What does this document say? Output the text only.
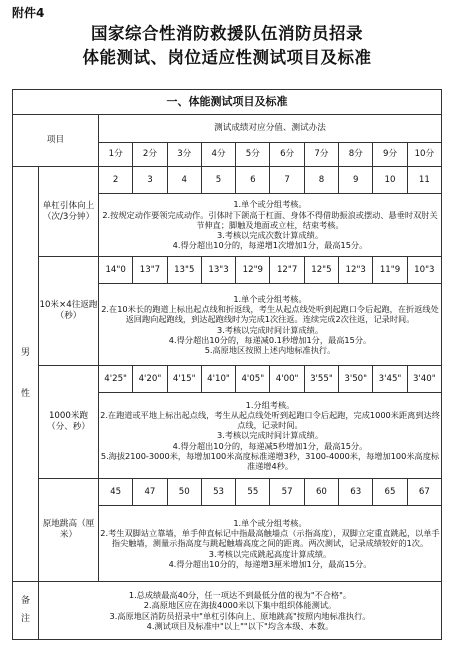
附件4
国家综合性消防救援队伍消防员招录
体能测试、岗位适应性测试项目及标准
一、体能测试项目及标准											
项目		测试成绩对应分值、测试办法									
		1分	2分	3分	4分	5分	6分	7分	8分	9分	10分

男
性	单杠引体向上（次/3分钟）	2	3	4	5	6	7	8	9	10	11

		1.单个或分组考核。
2.按规定动作要领完成动作。引体时下颌高于杠面、身体不得借助振浪或摆动、悬垂时双肘关节伸直；脚触及地面或立柱，结束考核。
3.考核以完成次数计算成绩。
4.得分超出10分的，每递增1次增加1分，最高15分。									

	10米×4往返跑（秒）	14"0	13"7	13"5	13"3	12"9	12"7	12"5	12"3	11"9	10"3

		1.单个或分组考核。
2.在10米长的跑道上标出起点线和折返线，考生从起点线处听到起跑口令后起跑，在折返线处返回跑向起跑线，到达起跑线时为完成1次往返。连续完成2次往返，记录时间。
3.考核以完成时间计算成绩。
4.得分超出10分的，每递减0.1秒增加1分，最高15分。
5.高原地区按照上述内地标准执行。									

	1000米跑（分、秒）	4'25"	4'20"	4'15"	4'10"	4'05"	4'00"	3'55"	3'50"	3'45"	3'40"

		1.分组考核。
2.在跑道或平地上标出起点线，考生从起点线处听到起跑口令后起跑，完成1000米距离到达终点线，记录时间。
3.考核以完成时间计算成绩。
4.得分超出10分的，每递减5秒增加1分，最高15分。
5.海拔2100-3000米，每增加100米高度标准递增3秒，3100-4000米，每增加100米高度标准递增4秒。									

	原地跳高（厘米）	45	47	50	53	55	57	60	63	65	67

		1.单个或分组考核。
2.考生双脚站立靠墙，单手伸直标记中指最高触墙点（示指高度），双脚立定重直跳起，以单手指尖触墙，测量示指高度与跳起触墙高度之间的距离。两次测试，记录成绩较好的1次。
3.考核以完成跳起高度计算成绩。
4.得分超出10分的，每递增3厘米增加1分，最高15分。									

备
注	1.总成绩最高40分，任一项达不到最低分值的视为"不合格"。
2.高原地区应在海拔4000米以下集中组织体能测试。
3.高原地区消防员招录中"单杠引体向上、原地跳高"按照内地标准执行。
4.测试项目及标准中"以上""以下"均含本级、本数。										
